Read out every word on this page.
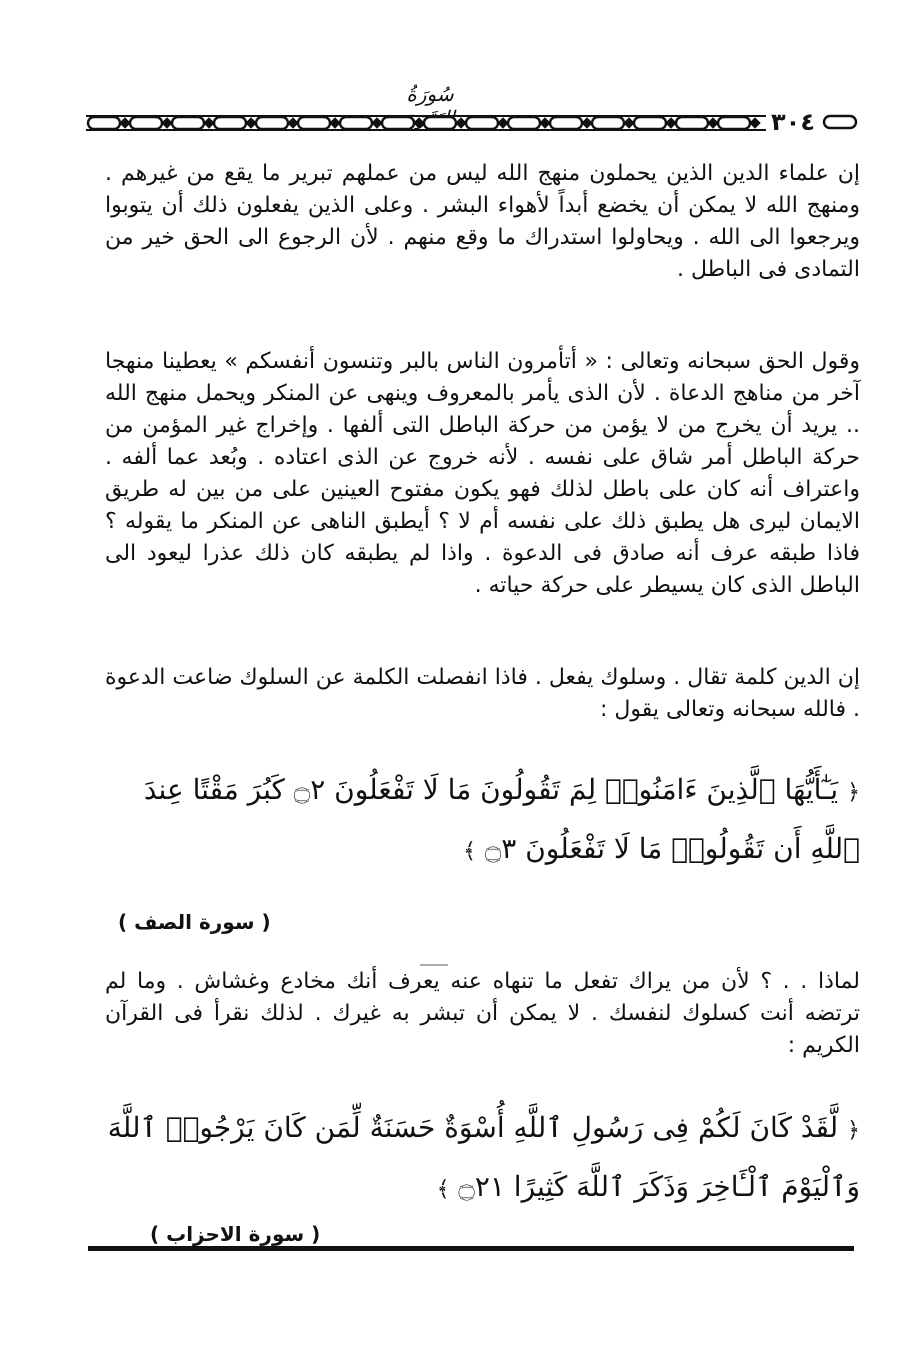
سُورَةُ
٣٠٤

إن علماء الدين الذين يحملون منهج الله ليس من عملهم تبرير ما يقع من غيرهم . ومنهج الله لا يمكن أن يخضع أبداً لأهواء البشر . وعلى الذين يفعلون ذلك أن يتوبوا ويرجعوا الى الله . ويحاولوا استدراك ما وقع منهم . لأن الرجوع الى الحق خير من التمادى فى الباطل .

وقول الحق سبحانه وتعالى : « أتأمرون الناس بالبر وتنسون أنفسكم » يعطينا منهجا آخر من مناهج الدعاة . لأن الذى يأمر بالمعروف وينهى عن المنكر ويحمل منهج الله .. يريد أن يخرج من لا يؤمن من حركة الباطل التى ألفها . وإخراج غير المؤمن من حركة الباطل أمر شاق على نفسه . لأنه خروج عن الذى اعتاده . وبُعد عما ألفه . واعتراف أنه كان على باطل لذلك فهو يكون مفتوح العينين على من بين له طريق الايمان ليرى هل يطبق ذلك على نفسه أم لا ؟ أيطبق الناهى عن المنكر ما يقوله ؟ فاذا طبقه عرف أنه صادق فى الدعوة . واذا لم يطبقه كان ذلك عذرا ليعود الى الباطل الذى كان يسيطر على حركة حياته .

إن الدين كلمة تقال . وسلوك يفعل . فاذا انفصلت الكلمة عن السلوك ضاعت الدعوة . فالله سبحانه وتعالى يقول :

﴿ يَـٰٓأَيُّهَا ٱلَّذِينَ ءَامَنُوا۟ لِمَ تَقُولُونَ مَا لَا تَفْعَلُونَ ۝٢ كَبُرَ مَقْتًا عِندَ ٱللَّهِ أَن تَقُولُوا۟ مَا لَا تَفْعَلُونَ ۝٣ ﴾

( سورة الصف )

لماذا . . ؟ لأن من يراك تفعل ما تنهاه عنه يعرف أنك مخادع وغشاش . وما لم ترتضه أنت كسلوك لنفسك . لا يمكن أن تبشر به غيرك . لذلك نقرأ فى القرآن الكريم :

﴿ لَّقَدْ كَانَ لَكُمْ فِى رَسُولِ ٱللَّهِ أُسْوَةٌ حَسَنَةٌ لِّمَن كَانَ يَرْجُوا۟ ٱللَّهَ وَٱلْيَوْمَ ٱلْـَٔاخِرَ وَذَكَرَ ٱللَّهَ كَثِيرًا ۝٢١ ﴾

( سورة الاحزاب )
